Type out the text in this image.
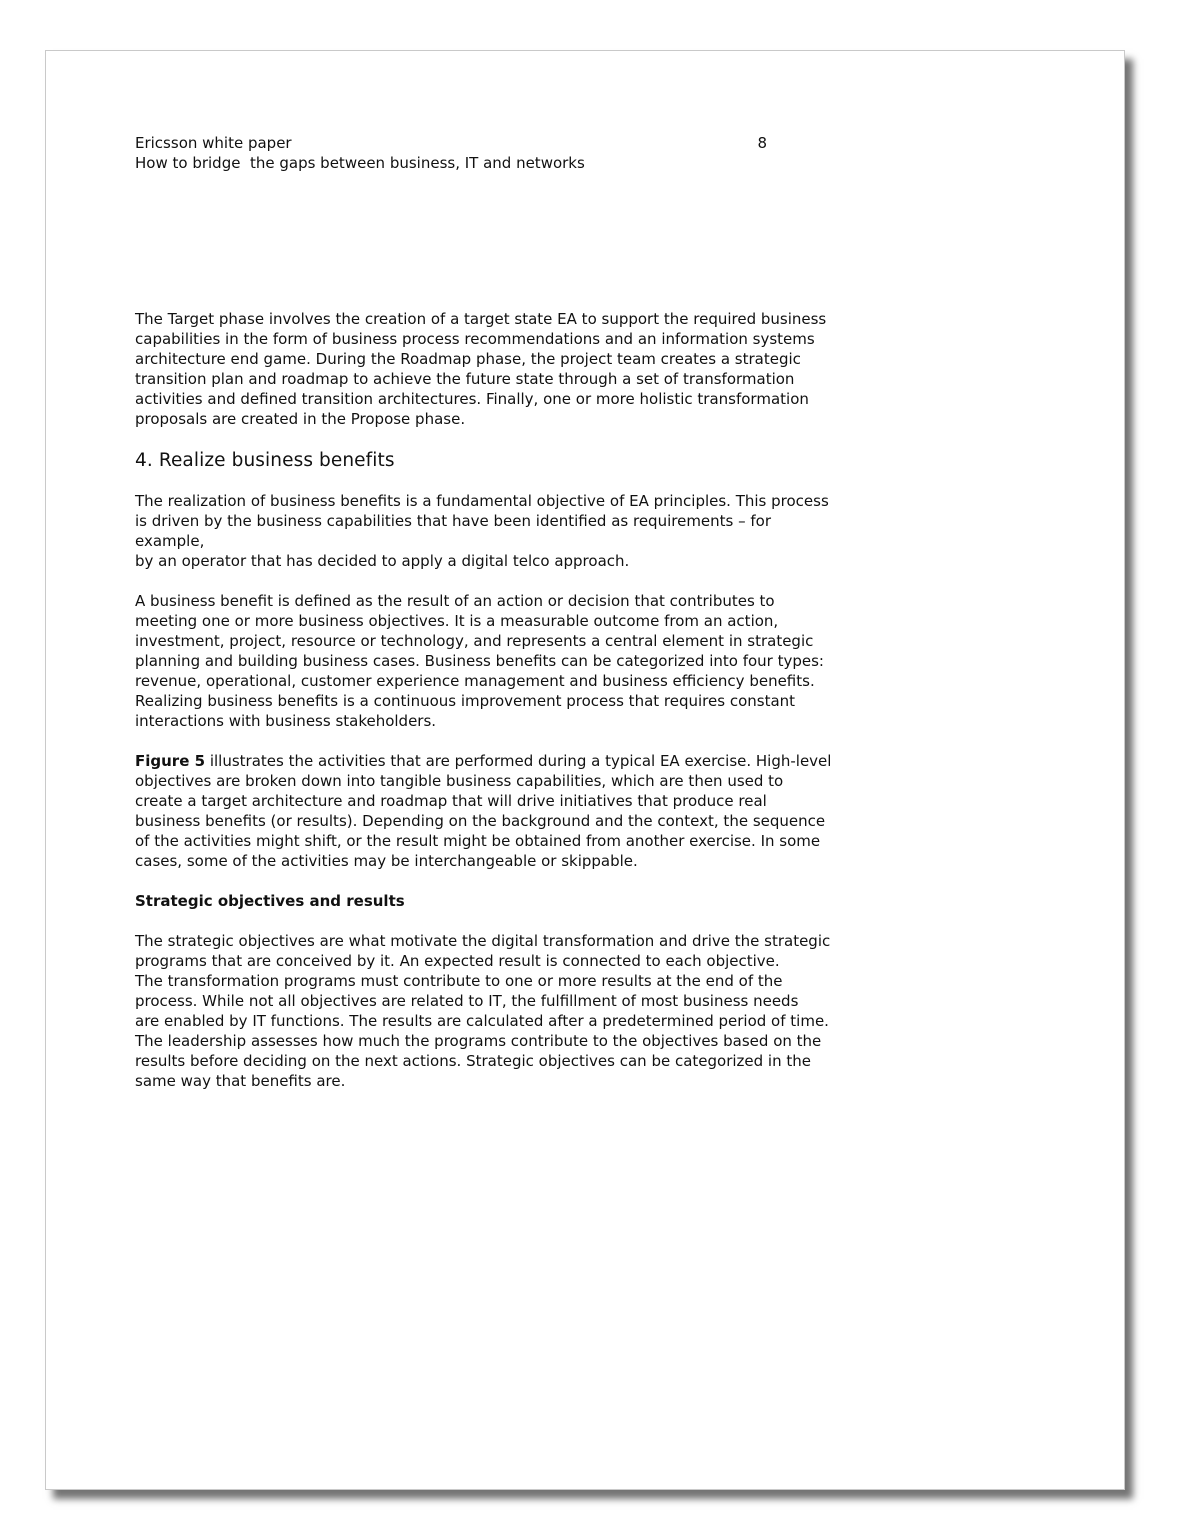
Ericsson white paper	8
How to bridge  the gaps between business, IT and networks

The Target phase involves the creation of a target state EA to support the required business
capabilities in the form of business process recommendations and an information systems
architecture end game. During the Roadmap phase, the project team creates a strategic
transition plan and roadmap to achieve the future state through a set of transformation
activities and defined transition architectures. Finally, one or more holistic transformation
proposals are created in the Propose phase.

4. Realize business benefits

The realization of business benefits is a fundamental objective of EA principles. This process
is driven by the business capabilities that have been identified as requirements – for example,
by an operator that has decided to apply a digital telco approach.

A business benefit is defined as the result of an action or decision that contributes to
meeting one or more business objectives. It is a measurable outcome from an action,
investment, project, resource or technology, and represents a central element in strategic
planning and building business cases. Business benefits can be categorized into four types:
revenue, operational, customer experience management and business efficiency benefits.
Realizing business benefits is a continuous improvement process that requires constant
interactions with business stakeholders.

Figure 5 illustrates the activities that are performed during a typical EA exercise. High-level
objectives are broken down into tangible business capabilities, which are then used to
create a target architecture and roadmap that will drive initiatives that produce real
business benefits (or results). Depending on the background and the context, the sequence
of the activities might shift, or the result might be obtained from another exercise. In some
cases, some of the activities may be interchangeable or skippable.

Strategic objectives and results

The strategic objectives are what motivate the digital transformation and drive the strategic
programs that are conceived by it. An expected result is connected to each objective.
The transformation programs must contribute to one or more results at the end of the
process. While not all objectives are related to IT, the fulfillment of most business needs
are enabled by IT functions. The results are calculated after a predetermined period of time.
The leadership assesses how much the programs contribute to the objectives based on the
results before deciding on the next actions. Strategic objectives can be categorized in the
same way that benefits are.
